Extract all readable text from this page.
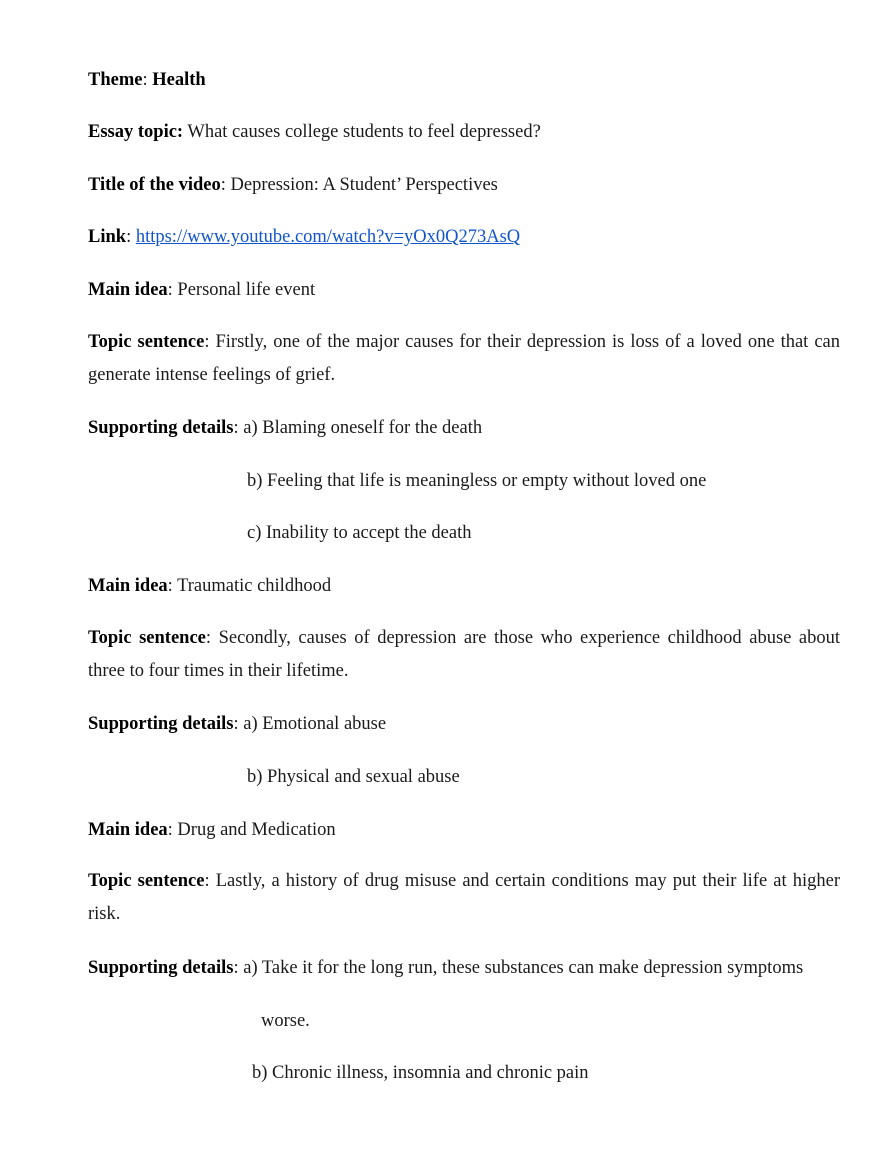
Theme: Health
Essay topic: What causes college students to feel depressed?
Title of the video: Depression: A Student’ Perspectives
Link: https://www.youtube.com/watch?v=yOx0Q273AsQ
Main idea: Personal life event
Topic sentence: Firstly, one of the major causes for their depression is loss of a loved one that can generate intense feelings of grief.
Supporting details: a) Blaming oneself for the death
b) Feeling that life is meaningless or empty without loved one
c) Inability to accept the death
Main idea: Traumatic childhood
Topic sentence: Secondly, causes of depression are those who experience childhood abuse about three to four times in their lifetime.
Supporting details: a) Emotional abuse
b) Physical and sexual abuse
Main idea: Drug and Medication
Topic sentence: Lastly, a history of drug misuse and certain conditions may put their life at higher risk.
Supporting details: a) Take it for the long run, these substances can make depression symptoms
worse.
b) Chronic illness, insomnia and chronic pain
